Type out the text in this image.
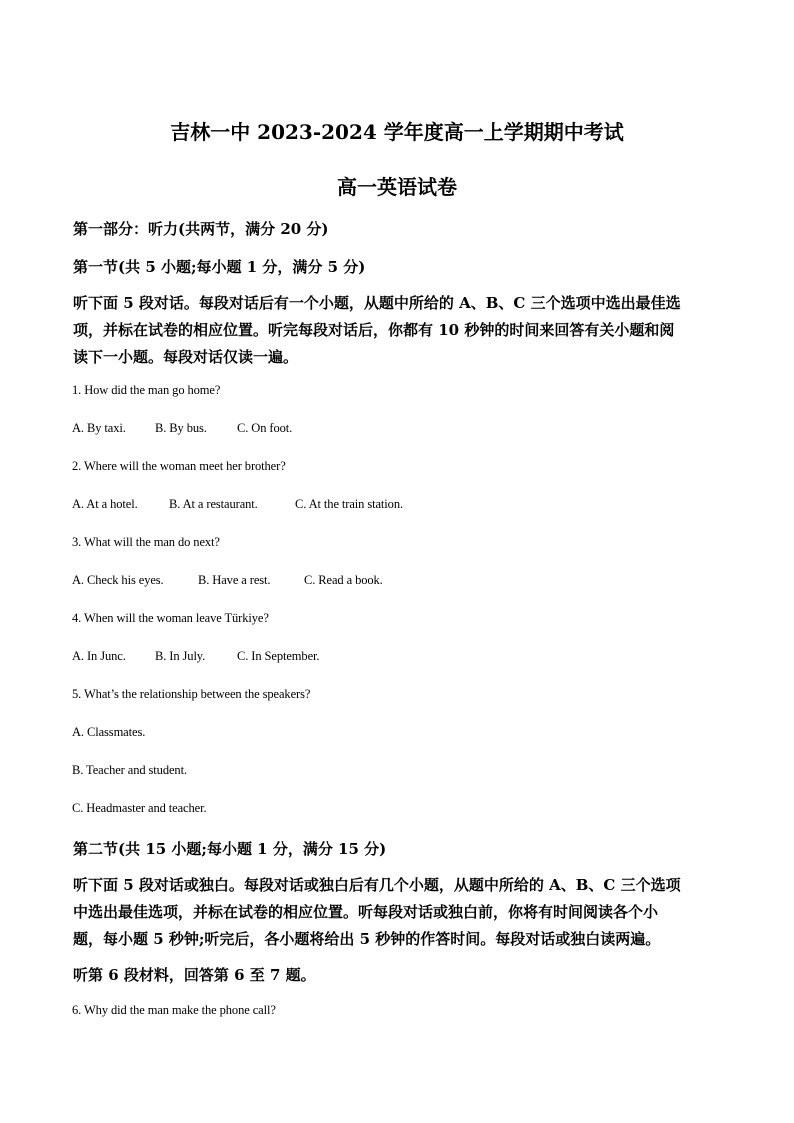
吉林一中 2023-2024 学年度高一上学期期中考试

高一英语试卷

第一部分：听力(共两节，满分 20 分)

第一节(共 5 小题;每小题 1 分，满分 5 分)

听下面 5 段对话。每段对话后有一个小题，从题中所给的 A、B、C 三个选项中选出最佳选
项，并标在试卷的相应位置。听完每段对话后，你都有 10 秒钟的时间来回答有关小题和阅
读下一小题。每段对话仅读一遍。

1. How did the man go home?

A. By taxi. B. By bus. C. On foot.

2. Where will the woman meet her brother?

A. At a hotel.	B. At a restaurant.	C. At the train station.

3. What will the man do next?

A. Check his eyes.	B. Have a rest.	C. Read a book.

4. When will the woman leave Türkiye?

A. In Junc. B. In July.	C. In September.

5. What’s the relationship between the speakers?

A. Classmates.

B. Teacher and student.

C. Headmaster and teacher.

第二节(共 15 小题;每小题 1 分，满分 15 分)

听下面 5 段对话或独白。每段对话或独白后有几个小题，从题中所给的 A、B、C 三个选项
中选出最佳选项，并标在试卷的相应位置。听每段对话或独白前，你将有时间阅读各个小
题，每小题 5 秒钟;听完后，各小题将给出 5 秒钟的作答时间。每段对话或独白读两遍。

听第 6 段材料，回答第 6 至 7 题。

6. Why did the man make the phone call?
